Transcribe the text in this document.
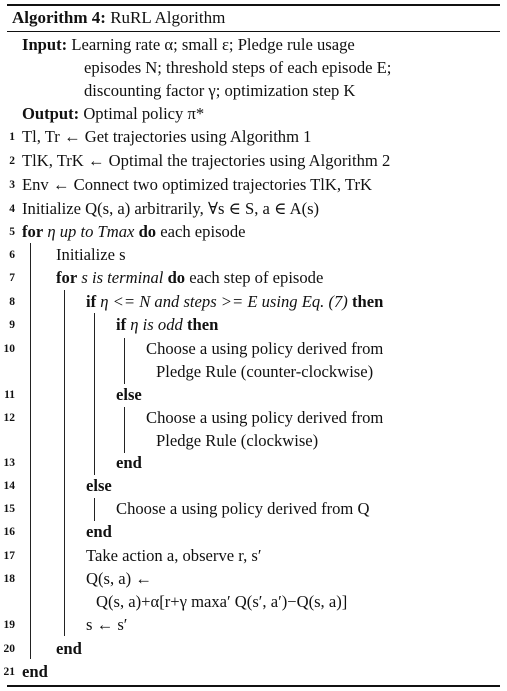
Algorithm 4: RuRL Algorithm
Input: Learning rate α; small ε; Pledge rule usage
episodes N; threshold steps of each episode E;
discounting factor γ; optimization step K
Output: Optimal policy π*
1 Tl, Tr ← Get trajectories using Algorithm 1
2 TlK, TrK ← Optimal the trajectories using Algorithm 2
3 Env ← Connect two optimized trajectories TlK, TrK
4 Initialize Q(s, a) arbitrarily, ∀s ∈ S, a ∈ A(s)
5 for η up to Tmax do each episode
6 Initialize s
7 for s is terminal do each step of episode
8	if η <= N and steps >= E using Eq. (7) then
9	if η is odd then
10	Choose a using policy derived from
Pledge Rule (counter-clockwise)
11	else
12	Choose a using policy derived from
Pledge Rule (clockwise)
13	end
14	else
15	Choose a using policy derived from Q
16	end
17	Take action a, observe r, s′
18	Q(s, a) ←
Q(s, a)+α[r+γ maxa′ Q(s′, a′)−Q(s, a)]
19	s ← s′
20 end
21 end
